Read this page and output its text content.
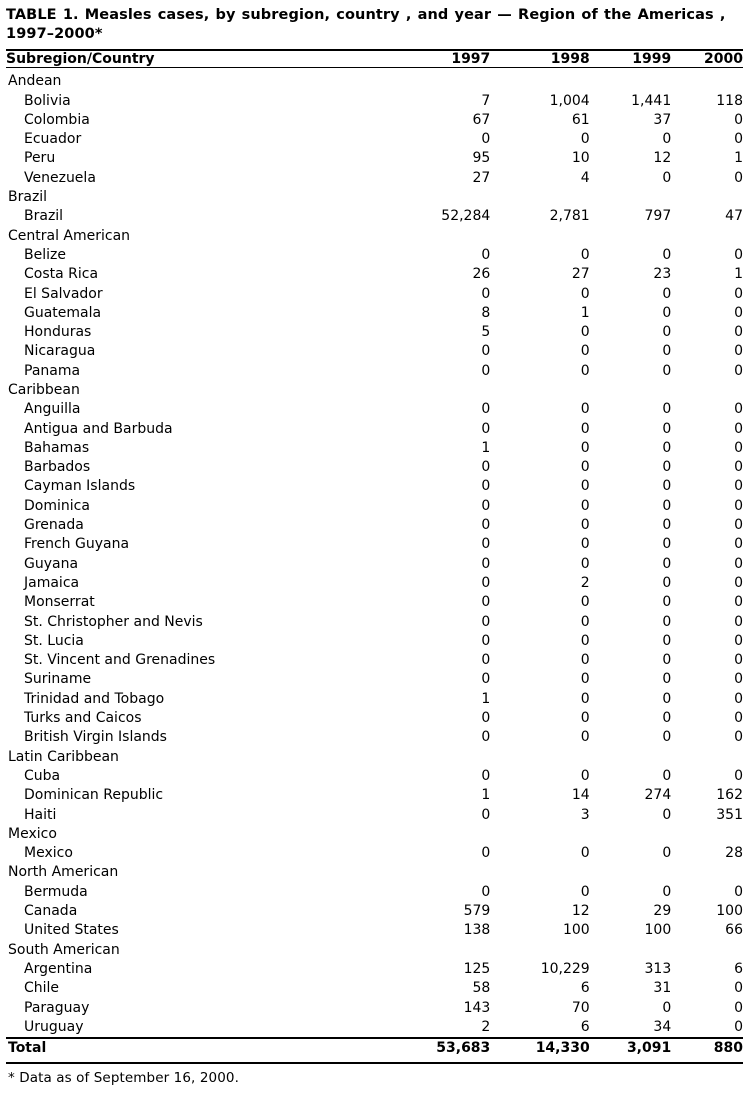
TABLE 1. Measles cases, by subregion, country , and year — Region of the Americas , 1997–2000*
Subregion/Country	1997	1998	1999	2000

Andean				
Bolivia	7	1,004	1,441	118
Colombia	67	61	37	0
Ecuador	0	0	0	0
Peru	95	10	12	1
Venezuela	27	4	0	0
Brazil				
Brazil	52,284	2,781	797	47
Central American				
Belize	0	0	0	0
Costa Rica	26	27	23	1
El Salvador	0	0	0	0
Guatemala	8	1	0	0
Honduras	5	0	0	0
Nicaragua	0	0	0	0
Panama	0	0	0	0
Caribbean				
Anguilla	0	0	0	0
Antigua and Barbuda	0	0	0	0
Bahamas	1	0	0	0
Barbados	0	0	0	0
Cayman Islands	0	0	0	0
Dominica	0	0	0	0
Grenada	0	0	0	0
French Guyana	0	0	0	0
Guyana	0	0	0	0
Jamaica	0	2	0	0
Monserrat	0	0	0	0
St. Christopher and Nevis	0	0	0	0
St. Lucia	0	0	0	0
St. Vincent and Grenadines	0	0	0	0
Suriname	0	0	0	0
Trinidad and Tobago	1	0	0	0
Turks and Caicos	0	0	0	0
British Virgin Islands	0	0	0	0
Latin Caribbean				
Cuba	0	0	0	0
Dominican Republic	1	14	274	162
Haiti	0	3	0	351
Mexico				
Mexico	0	0	0	28
North American				
Bermuda	0	0	0	0
Canada	579	12	29	100
United States	138	100	100	66
South American				
Argentina	125	10,229	313	6
Chile	58	6	31	0
Paraguay	143	70	0	0
Uruguay	2	6	34	0
Total	53,683	14,330	3,091	880

* Data as of September 16, 2000.
